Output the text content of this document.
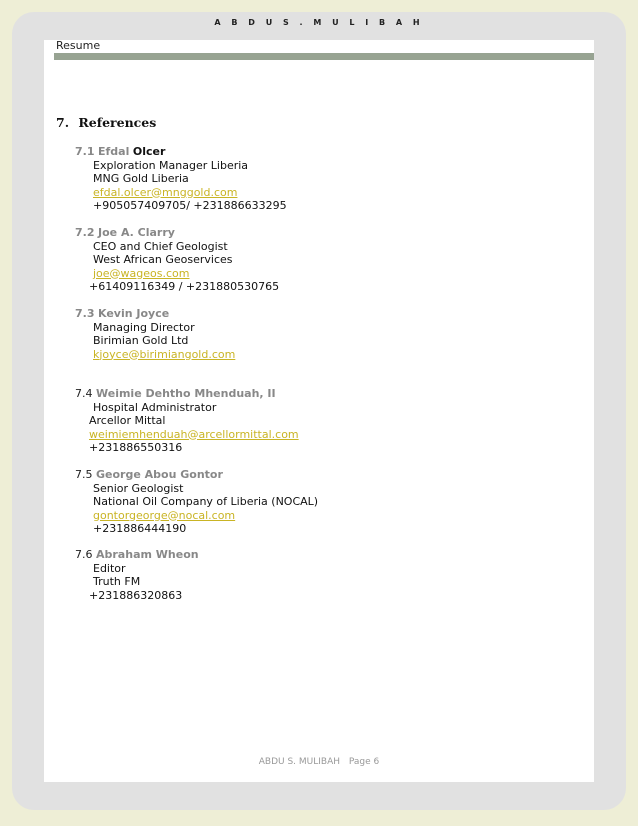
A B D U S . M U L I B A H
Resume
7. References
7.1 Efdal Olcer
Exploration Manager Liberia
MNG Gold Liberia
efdal.olcer@mnggold.com
+905057409705/ +231886633295
7.2 Joe A. Clarry
CEO and Chief Geologist
West African Geoservices
joe@wageos.com
+61409116349 / +231880530765
7.3 Kevin Joyce
Managing Director
Birimian Gold Ltd
kjoyce@birimiangold.com
7.4 Weimie Dehtho Mhenduah, II
Hospital Administrator
Arcellor Mittal
weimiemhenduah@arcellormittal.com
+231886550316
7.5 George Abou Gontor
Senior Geologist
National Oil Company of Liberia (NOCAL)
gontorgeorge@nocal.com
+231886444190
7.6 Abraham Wheon
Editor
Truth FM
+231886320863
ABDU S. MULIBAH Page 6
